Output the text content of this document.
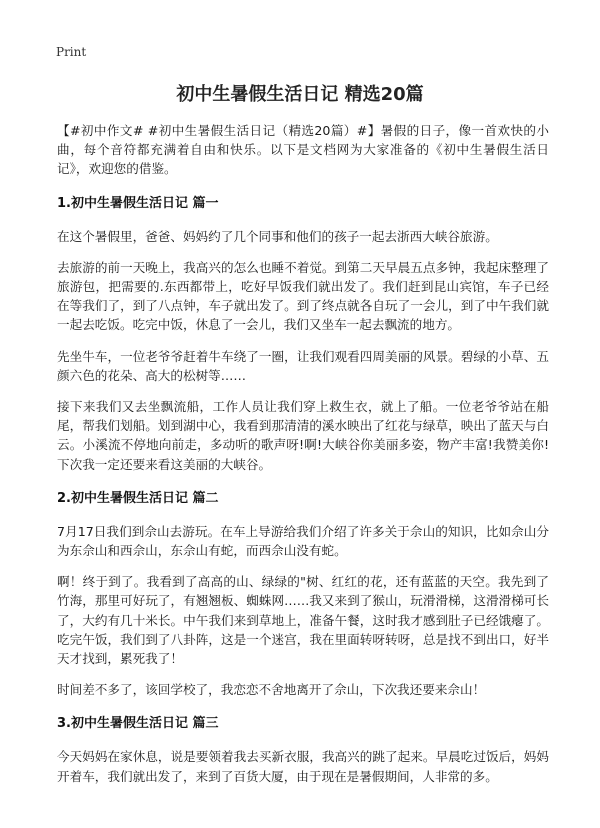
Print
初中生暑假生活日记 精选20篇

【#初中作文# #初中生暑假生活日记（精选20篇）#】暑假的日子，像一首欢快的小曲，每个音符都充满着自由和快乐。以下是文档网为大家准备的《初中生暑假生活日记》，欢迎您的借鉴。

1.初中生暑假生活日记 篇一

在这个暑假里，爸爸、妈妈约了几个同事和他们的孩子一起去浙西大峡谷旅游。

去旅游的前一天晚上，我高兴的怎么也睡不着觉。到第二天早晨五点多钟，我起床整理了旅游包，把需要的.东西都带上，吃好早饭我们就出发了。我们赶到昆山宾馆，车子已经在等我们了，到了八点钟，车子就出发了。到了终点就各自玩了一会儿，到了中午我们就一起去吃饭。吃完中饭，休息了一会儿，我们又坐车一起去飘流的地方。

先坐牛车，一位老爷爷赶着牛车绕了一圈，让我们观看四周美丽的风景。碧绿的小草、五颜六色的花朵、高大的松树等……

接下来我们又去坐飘流船，工作人员让我们穿上救生衣，就上了船。一位老爷爷站在船尾，帮我们划船。划到湖中心，我看到那清清的溪水映出了红花与绿草，映出了蓝天与白云。小溪流不停地向前走，多动听的歌声呀!啊!大峡谷你美丽多姿，物产丰富!我赞美你!下次我一定还要来看这美丽的大峡谷。

2.初中生暑假生活日记 篇二

7月17日我们到佘山去游玩。在车上导游给我们介绍了许多关于佘山的知识，比如佘山分为东佘山和西佘山，东佘山有蛇，而西佘山没有蛇。

啊！终于到了。我看到了高高的山、绿绿的"树、红红的花，还有蓝蓝的天空。我先到了竹海，那里可好玩了，有翘翘板、蜘蛛网……我又来到了猴山，玩滑滑梯，这滑滑梯可长了，大约有几十米长。中午我们来到草地上，准备午餐，这时我才感到肚子已经饿瘪了。吃完午饭，我们到了八卦阵，这是一个迷宫，我在里面转呀转呀，总是找不到出口，好半天才找到，累死我了！

时间差不多了，该回学校了，我恋恋不舍地离开了佘山，下次我还要来佘山！

3.初中生暑假生活日记 篇三

今天妈妈在家休息，说是要领着我去买新衣服，我高兴的跳了起来。早晨吃过饭后，妈妈开着车，我们就出发了，来到了百货大厦，由于现在是暑假期间，人非常的多。
